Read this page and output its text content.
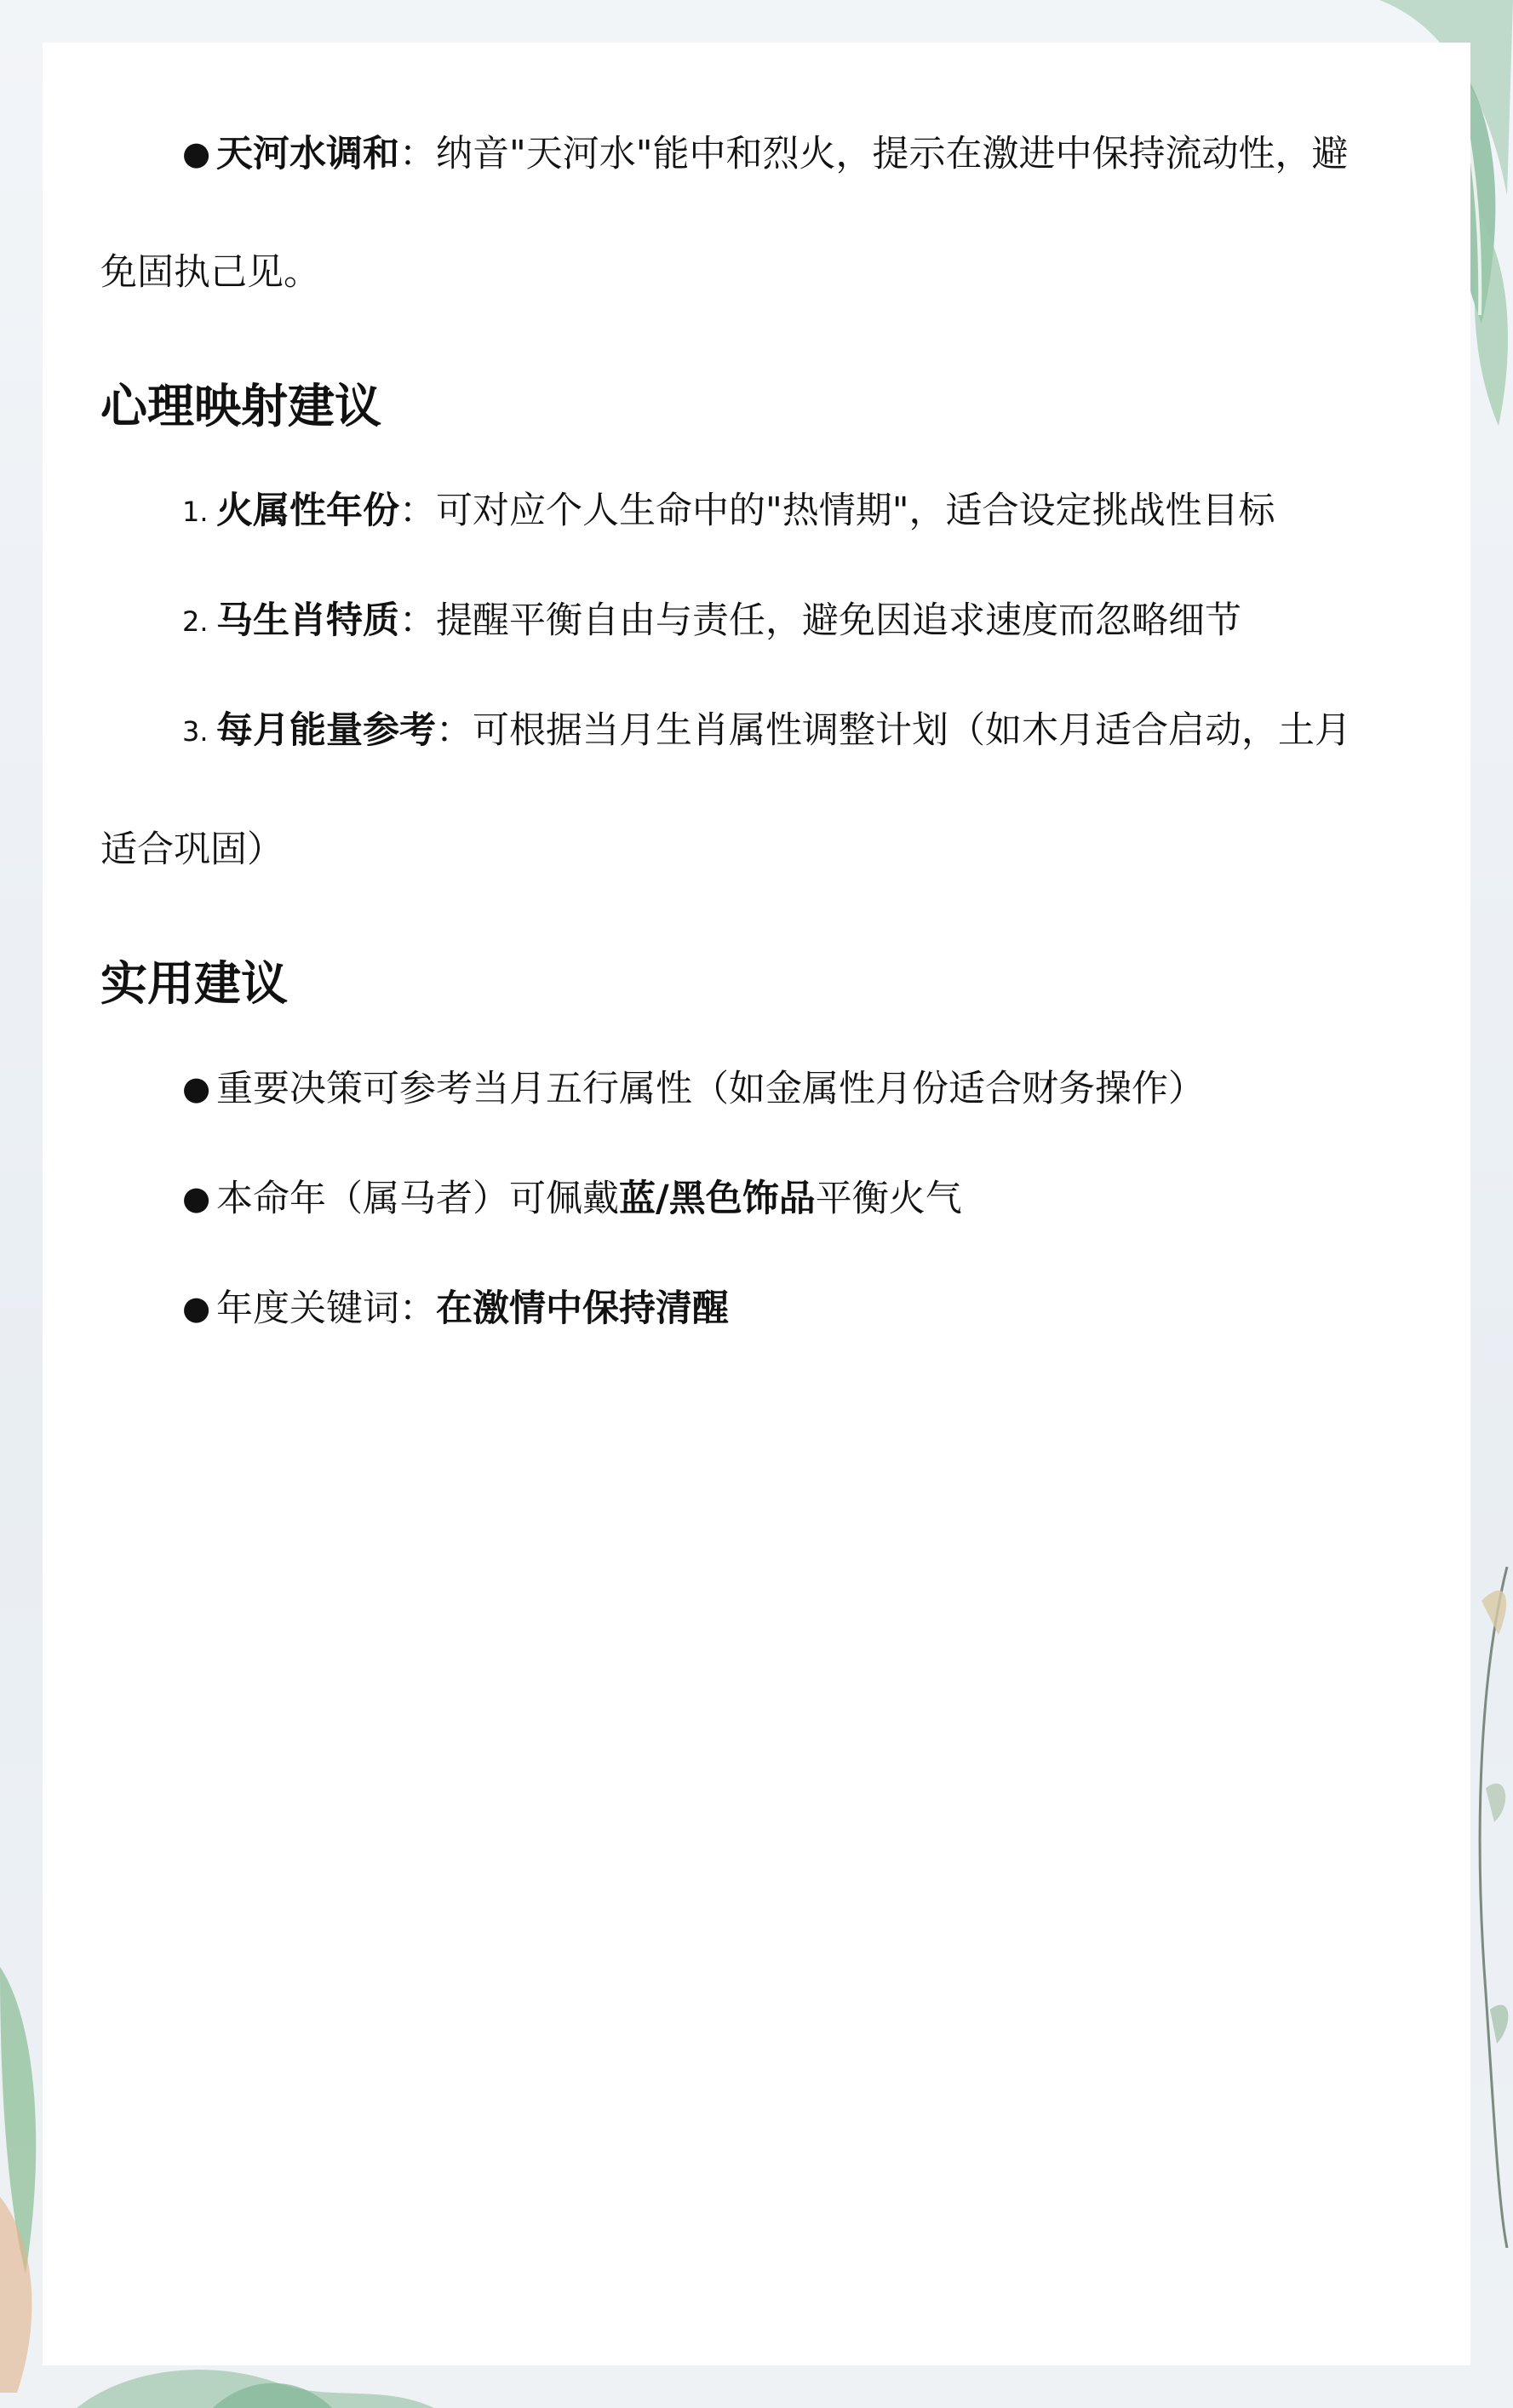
● 天河水调和：纳音"天河水"能中和烈火，提示在激进中保持流动性，避
免固执己见。
心理映射建议
1. 火属性年份：可对应个人生命中的"热情期"，适合设定挑战性目标
2. 马生肖特质：提醒平衡自由与责任，避免因追求速度而忽略细节
3. 每月能量参考：可根据当月生肖属性调整计划（如木月适合启动，土月
适合巩固）
实用建议
● 重要决策可参考当月五行属性（如金属性月份适合财务操作）
● 本命年（属马者）可佩戴蓝/黑色饰品平衡火气
● 年度关键词：在激情中保持清醒
